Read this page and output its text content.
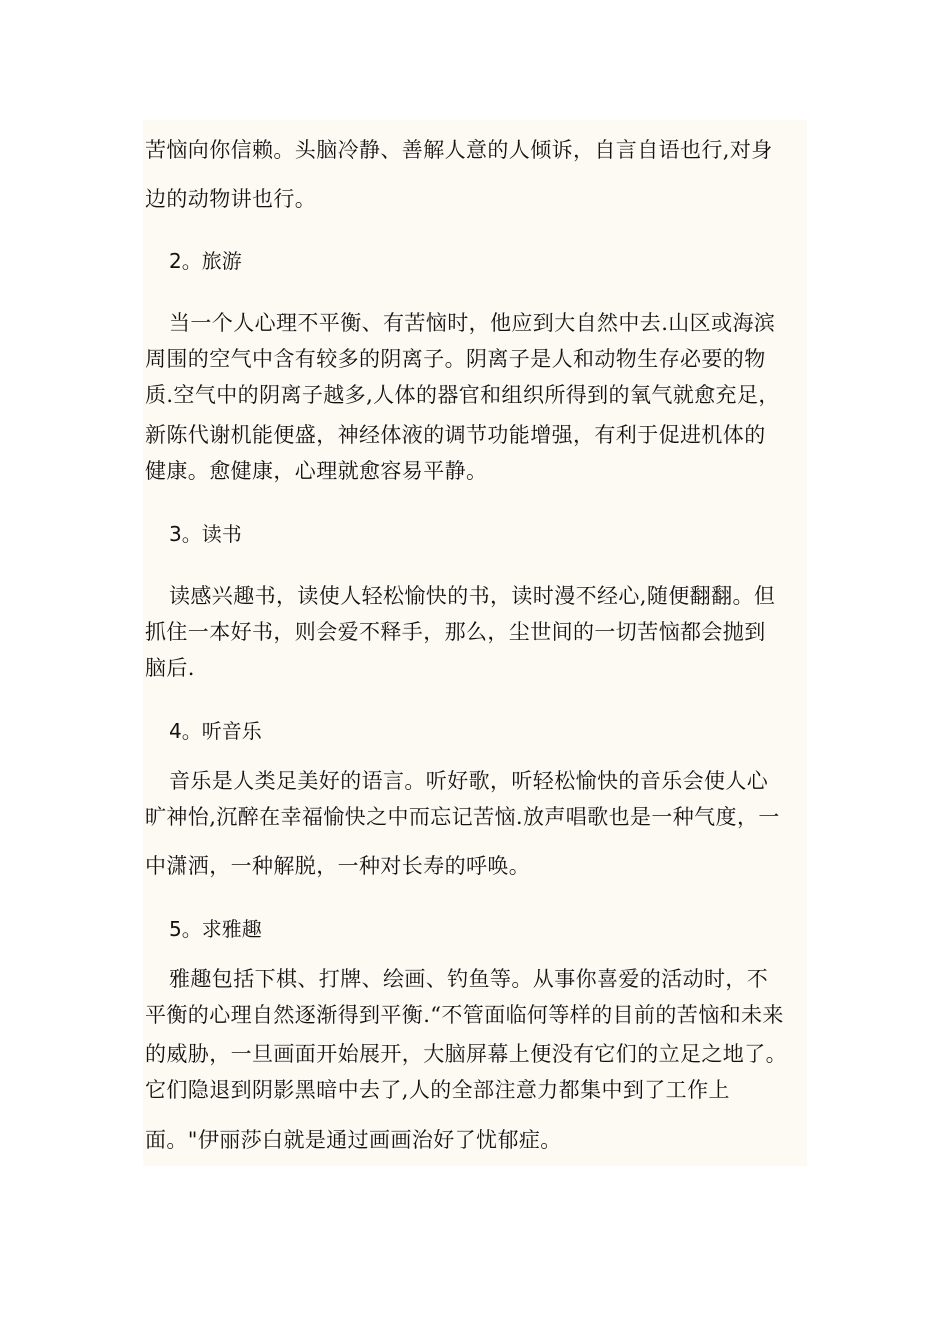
苦恼向你信赖。头脑冷静、善解人意的人倾诉，自言自语也行,对身
边的动物讲也行。
2。旅游
当一个人心理不平衡、有苦恼时，他应到大自然中去.山区或海滨
周围的空气中含有较多的阴离子。阴离子是人和动物生存必要的物
质.空气中的阴离子越多,人体的器官和组织所得到的氧气就愈充足，
新陈代谢机能便盛，神经体液的调节功能增强，有利于促进机体的
健康。愈健康，心理就愈容易平静。
3。读书
读感兴趣书，读使人轻松愉快的书，读时漫不经心,随便翻翻。但
抓住一本好书，则会爱不释手，那么，尘世间的一切苦恼都会抛到
脑后.
4。听音乐
音乐是人类足美好的语言。听好歌，听轻松愉快的音乐会使人心
旷神怡,沉醉在幸福愉快之中而忘记苦恼.放声唱歌也是一种气度，一
中潇洒，一种解脱，一种对长寿的呼唤。
5。求雅趣
雅趣包括下棋、打牌、绘画、钓鱼等。从事你喜爱的活动时，不
平衡的心理自然逐渐得到平衡.“不管面临何等样的目前的苦恼和未来
的威胁，一旦画面开始展开，大脑屏幕上便没有它们的立足之地了。
它们隐退到阴影黑暗中去了,人的全部注意力都集中到了工作上
面。"伊丽莎白就是通过画画治好了忧郁症。
